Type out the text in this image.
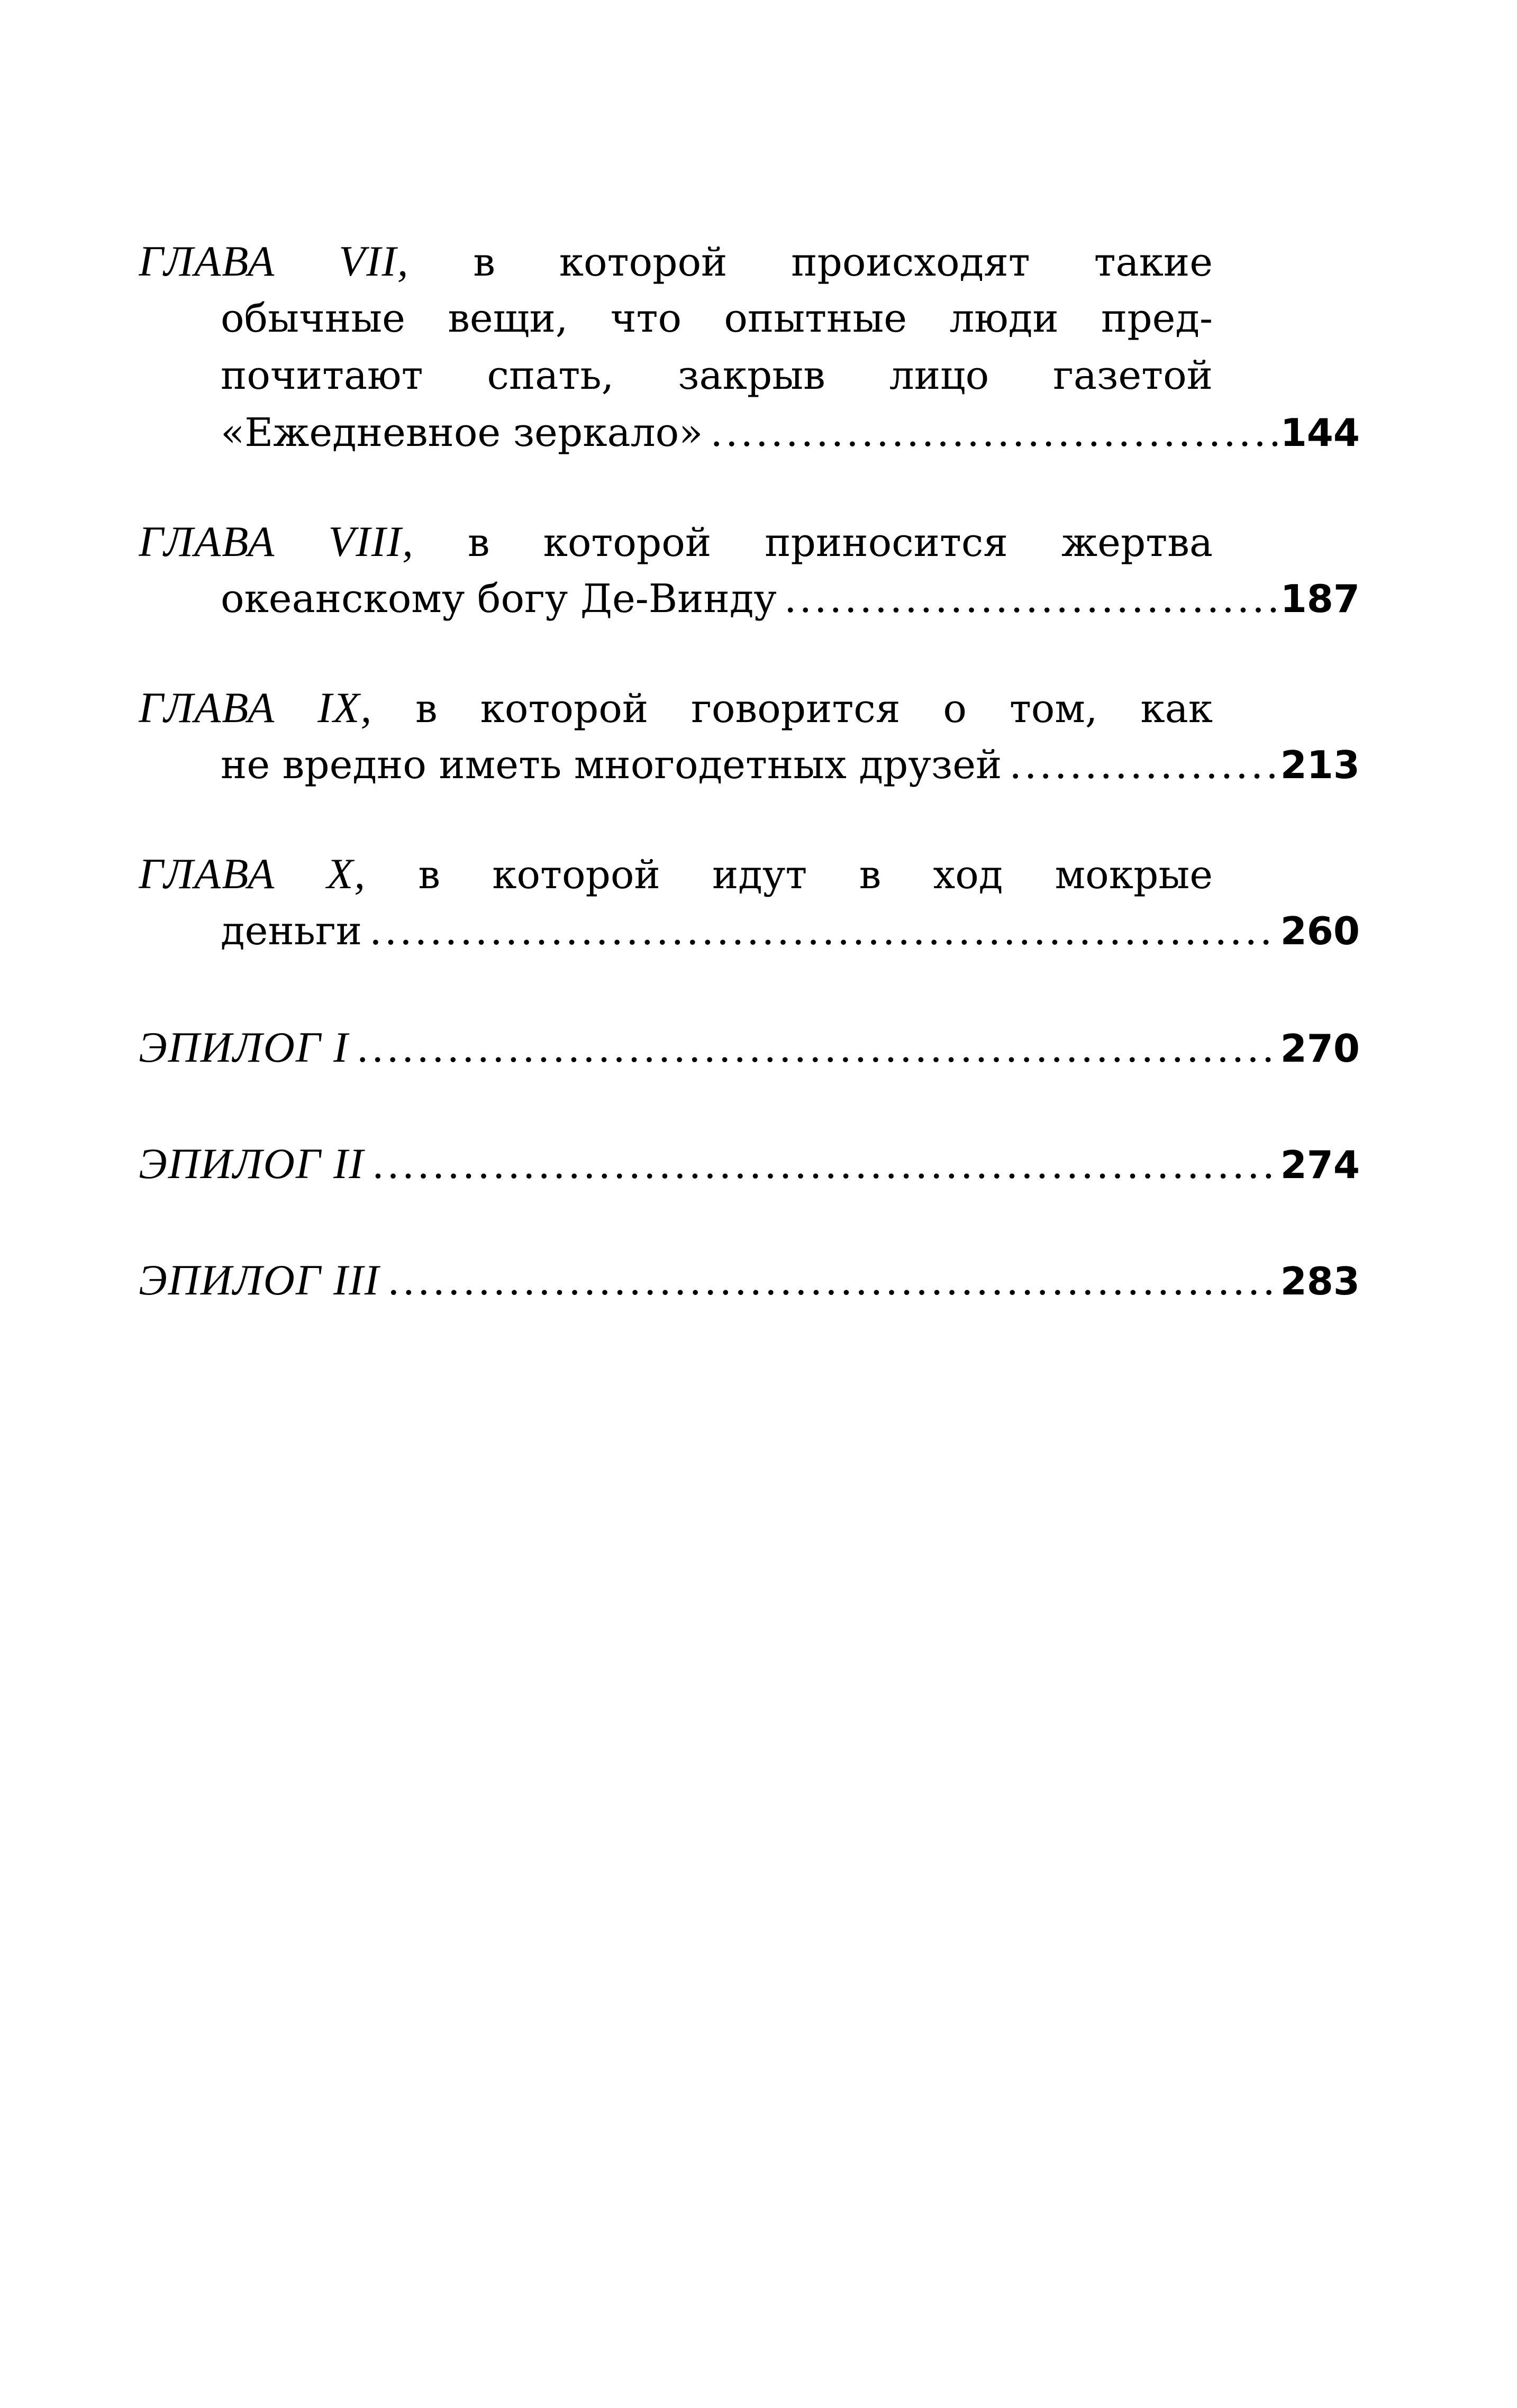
ГЛАВА VII, в которой происходят такие
обычные вещи, что опытные люди пред-
почитают спать, закрыв лицо газетой
«Ежедневное зеркало» .....	144
ГЛАВА VIII, в которой приносится жертва
океанскому богу Де-Винду .....	187
ГЛАВА IX, в которой говорится о том, как
не вредно иметь многодетных друзей .....	213
ГЛАВА X, в которой идут в ход мокрые
деньги .....	260
ЭПИЛОГ I .....	270
ЭПИЛОГ II .....	274
ЭПИЛОГ III .....	283
